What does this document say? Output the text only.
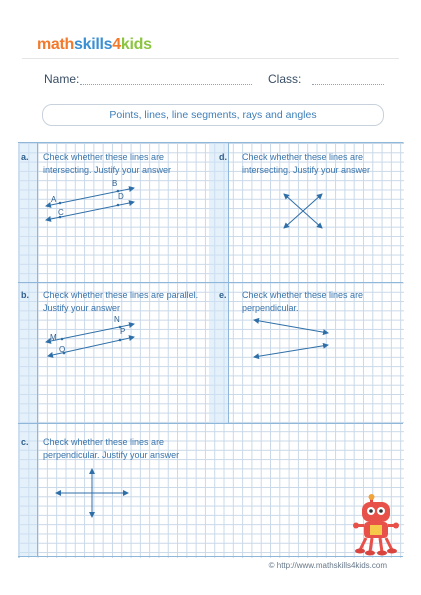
mathskills4kids
Name:	Class:
Points, lines, line segments, rays and angles
a. Check whether these lines are intersecting. Justify your answer
A
B
C
D
d. Check whether these lines are intersecting. Justify your answer
b. Check whether these lines are parallel. Justify your answer
M
N
O
P
e. Check whether these lines are perpendicular.
c. Check whether these lines are perpendicular. Justify your answer
© http://www.mathskills4kids.com
